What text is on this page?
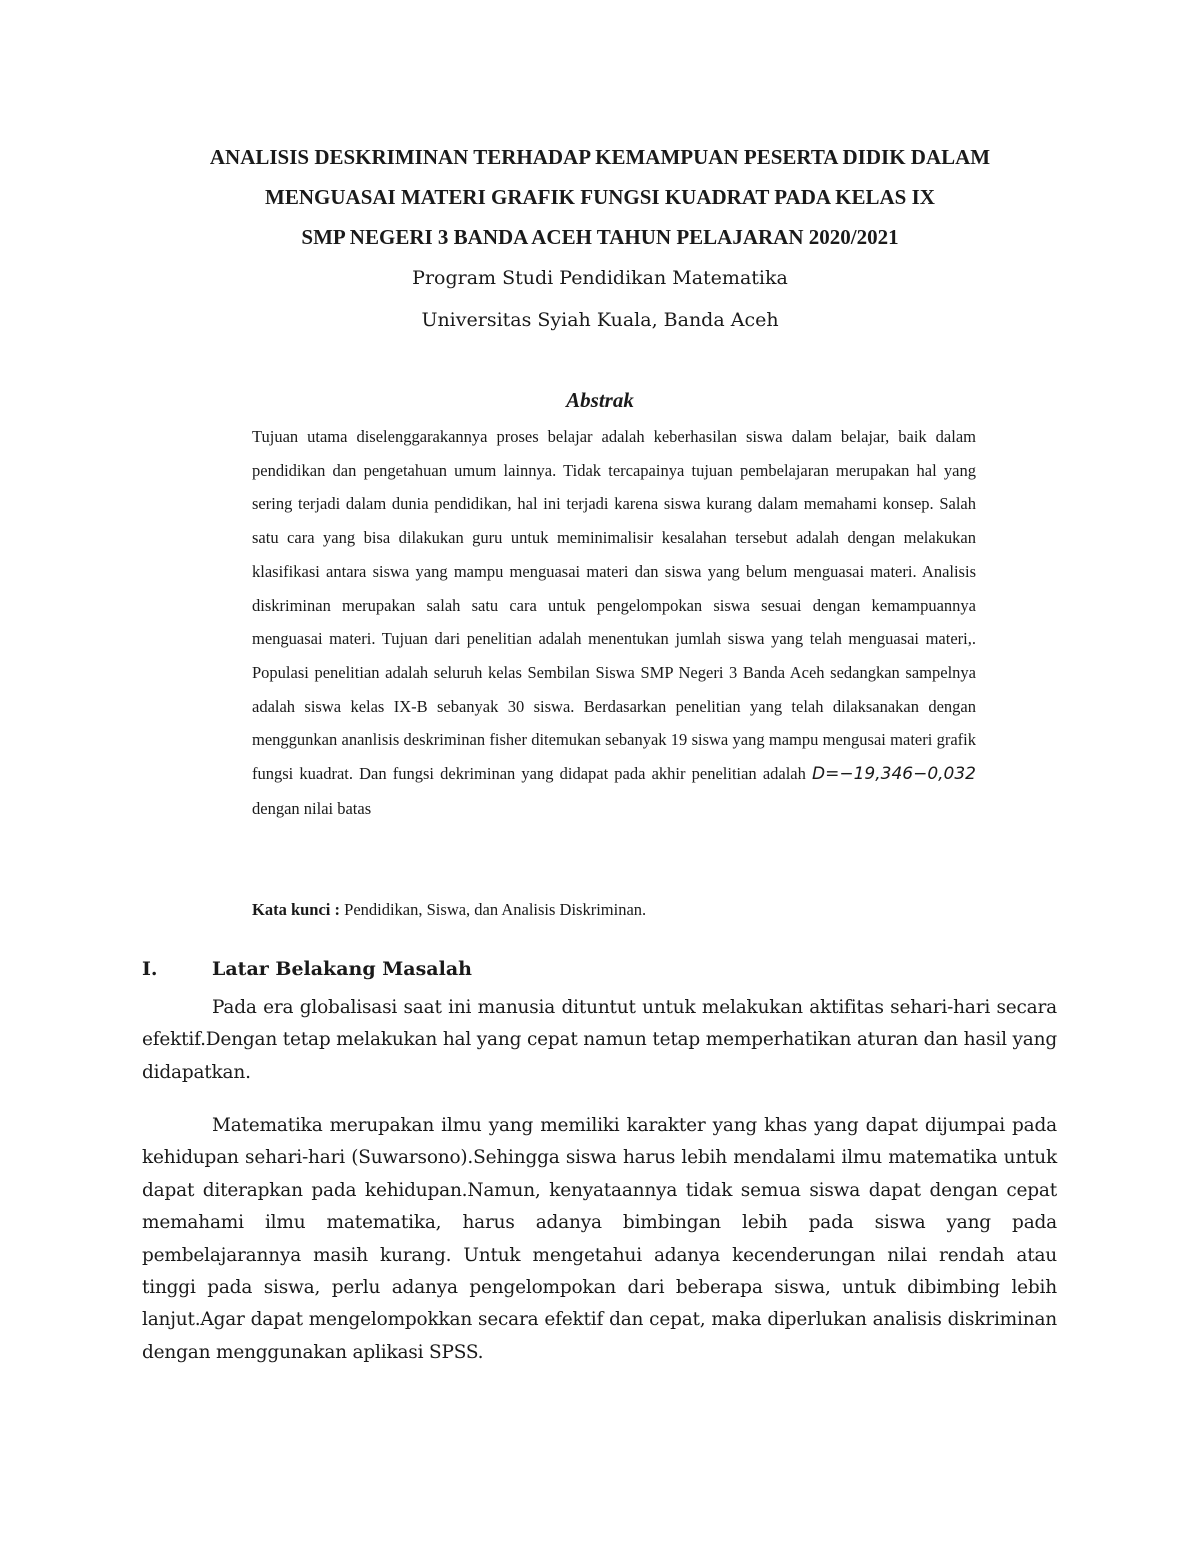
ANALISIS DESKRIMINAN TERHADAP KEMAMPUAN PESERTA DIDIK DALAM
MENGUASAI MATERI GRAFIK FUNGSI KUADRAT PADA KELAS IX
SMP NEGERI 3 BANDA ACEH TAHUN PELAJARAN 2020/2021
Program Studi Pendidikan Matematika
Universitas Syiah Kuala, Banda Aceh
Abstrak
Tujuan utama diselenggarakannya proses belajar adalah keberhasilan siswa dalam belajar, baik dalam pendidikan dan pengetahuan umum lainnya. Tidak tercapainya tujuan pembelajaran merupakan hal yang sering terjadi dalam dunia pendidikan, hal ini terjadi karena siswa kurang dalam memahami konsep. Salah satu cara yang bisa dilakukan guru untuk meminimalisir kesalahan tersebut adalah dengan melakukan klasifikasi antara siswa yang mampu menguasai materi dan siswa yang belum menguasai materi. Analisis diskriminan merupakan salah satu cara untuk pengelompokan siswa sesuai dengan kemampuannya menguasai materi. Tujuan dari penelitian adalah menentukan jumlah siswa yang telah menguasai materi,. Populasi penelitian adalah seluruh kelas Sembilan Siswa SMP Negeri 3 Banda Aceh sedangkan sampelnya adalah siswa kelas IX-B sebanyak 30 siswa. Berdasarkan penelitian yang telah dilaksanakan dengan menggunkan ananlisis deskriminan fisher ditemukan sebanyak 19 siswa yang mampu mengusai materi grafik fungsi kuadrat. Dan fungsi dekriminan yang didapat pada akhir penelitian adalah D=−19,346−0,032 dengan nilai batas
Kata kunci : Pendidikan, Siswa, dan Analisis Diskriminan.
I.	Latar Belakang Masalah

Pada era globalisasi saat ini manusia dituntut untuk melakukan aktifitas sehari-hari secara efektif.Dengan tetap melakukan hal yang cepat namun tetap memperhatikan aturan dan hasil yang didapatkan.

Matematika merupakan ilmu yang memiliki karakter yang khas yang dapat dijumpai pada kehidupan sehari-hari (Suwarsono).Sehingga siswa harus lebih mendalami ilmu matematika untuk dapat diterapkan pada kehidupan.Namun, kenyataannya tidak semua siswa dapat dengan cepat memahami ilmu matematika, harus adanya bimbingan lebih pada siswa yang pada pembelajarannya masih kurang. Untuk mengetahui adanya kecenderungan nilai rendah atau tinggi pada siswa, perlu adanya pengelompokan dari beberapa siswa, untuk dibimbing lebih lanjut.Agar dapat mengelompokkan secara efektif dan cepat, maka diperlukan analisis diskriminan dengan menggunakan aplikasi SPSS.
